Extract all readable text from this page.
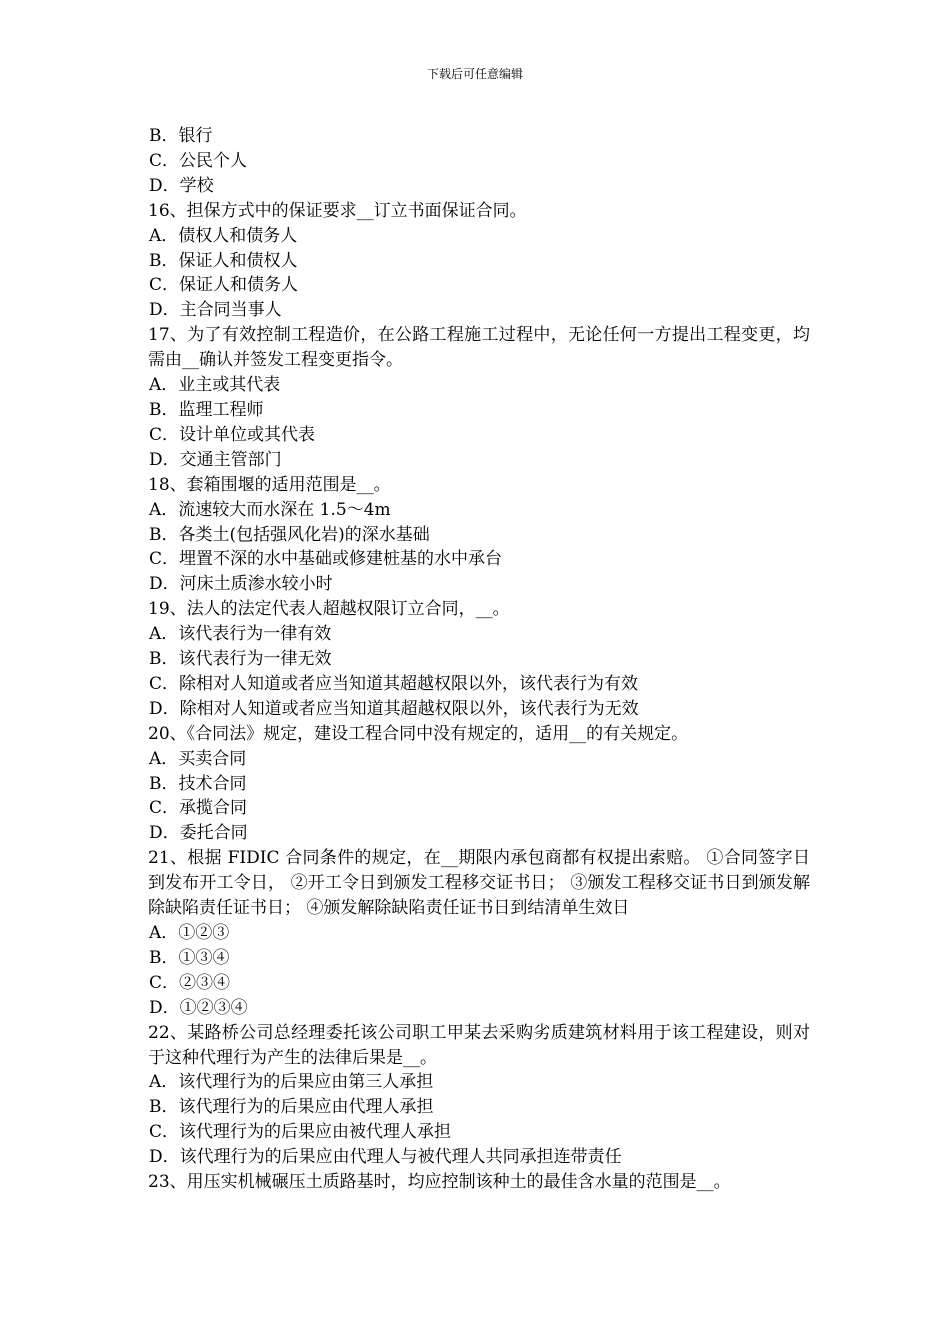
下载后可任意编辑

B．银行

C．公民个人

D．学校

16、担保方式中的保证要求__订立书面保证合同。

A．债权人和债务人

B．保证人和债权人

C．保证人和债务人

D．主合同当事人

17、为了有效控制工程造价，在公路工程施工过程中，无论任何一方提出工程变更，均需由__确认并签发工程变更指令。

A．业主或其代表

B．监理工程师

C．设计单位或其代表

D．交通主管部门

18、套箱围堰的适用范围是__。

A．流速较大而水深在 1.5～4m

B．各类土(包括强风化岩)的深水基础

C．埋置不深的水中基础或修建桩基的水中承台

D．河床土质渗水较小时

19、法人的法定代表人超越权限订立合同，__。

A．该代表行为一律有效

B．该代表行为一律无效

C．除相对人知道或者应当知道其超越权限以外，该代表行为有效

D．除相对人知道或者应当知道其超越权限以外，该代表行为无效

20、《合同法》规定，建设工程合同中没有规定的，适用__的有关规定。

A．买卖合同

B．技术合同

C．承揽合同

D．委托合同

21、根据 FIDIC 合同条件的规定，在__期限内承包商都有权提出索赔。 ①合同签字日到发布开工令日， ②开工令日到颁发工程移交证书日； ③颁发工程移交证书日到颁发解除缺陷责任证书日； ④颁发解除缺陷责任证书日到结清单生效日

A．①②③

B．①③④

C．②③④

D．①②③④

22、某路桥公司总经理委托该公司职工甲某去采购劣质建筑材料用于该工程建设，则对于这种代理行为产生的法律后果是__。

A．该代理行为的后果应由第三人承担

B．该代理行为的后果应由代理人承担

C．该代理行为的后果应由被代理人承担

D．该代理行为的后果应由代理人与被代理人共同承担连带责任

23、用压实机械碾压土质路基时，均应控制该种土的最佳含水量的范围是__。
